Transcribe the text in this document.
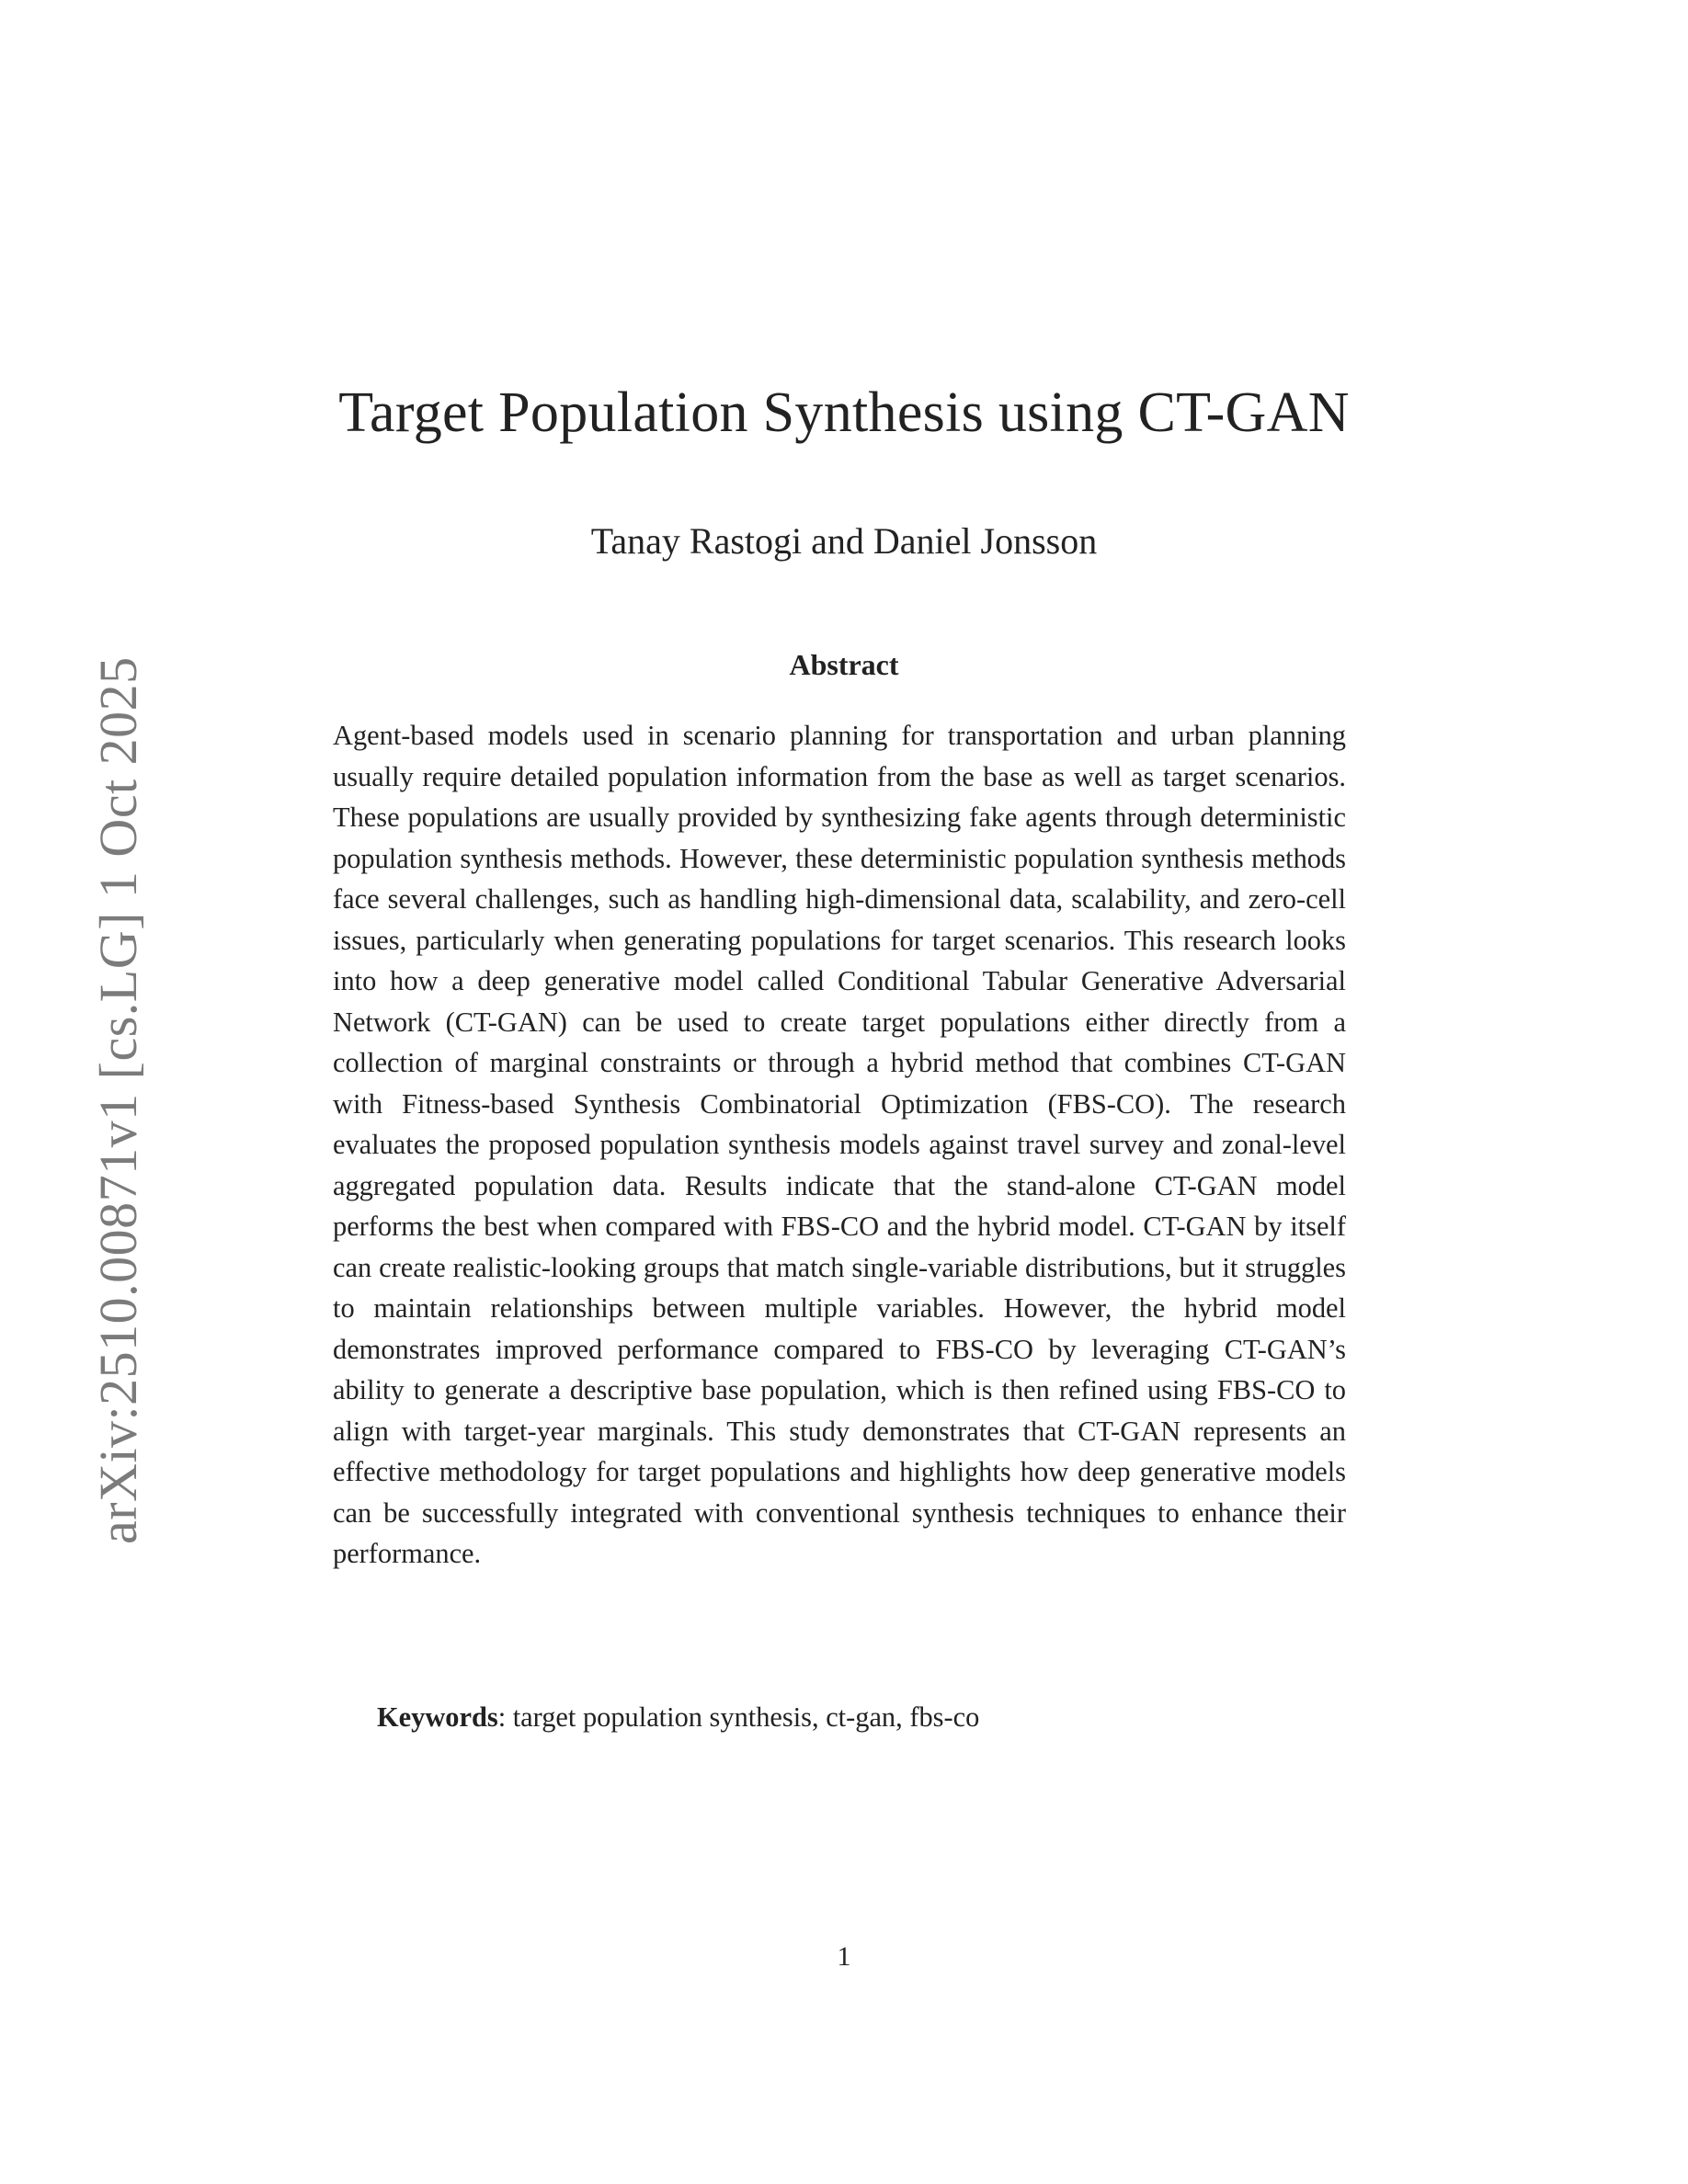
arXiv:2510.00871v1 [cs.LG] 1 Oct 2025
Target Population Synthesis using CT-GAN
Tanay Rastogi and Daniel Jonsson
Abstract

Agent-based models used in scenario planning for transportation and urban planning usually require detailed population information from the base as well as target scenarios. These populations are usually provided by synthesizing fake agents through deterministic population synthesis methods. However, these deterministic population synthesis methods face several challenges, such as handling high-dimensional data, scalability, and zero-cell issues, particularly when generating populations for target scenarios. This research looks into how a deep generative model called Conditional Tabular Generative Adversarial Network (CT-GAN) can be used to create target populations either directly from a collection of marginal constraints or through a hybrid method that combines CT-GAN with Fitness-based Synthesis Combinatorial Optimization (FBS-CO). The research evaluates the proposed population synthesis models against travel survey and zonal-level aggregated population data. Results indicate that the stand-alone CT-GAN model performs the best when compared with FBS-CO and the hybrid model. CT-GAN by itself can create realistic-looking groups that match single-variable distributions, but it struggles to maintain relationships between multiple variables. However, the hybrid model demonstrates improved performance compared to FBS-CO by leveraging CT-GAN’s ability to generate a descriptive base population, which is then refined using FBS-CO to align with target-year marginals. This study demonstrates that CT-GAN represents an effective methodology for target populations and highlights how deep generative models can be successfully integrated with conventional synthesis techniques to enhance their performance.

Keywords: target population synthesis, ct-gan, fbs-co

1
